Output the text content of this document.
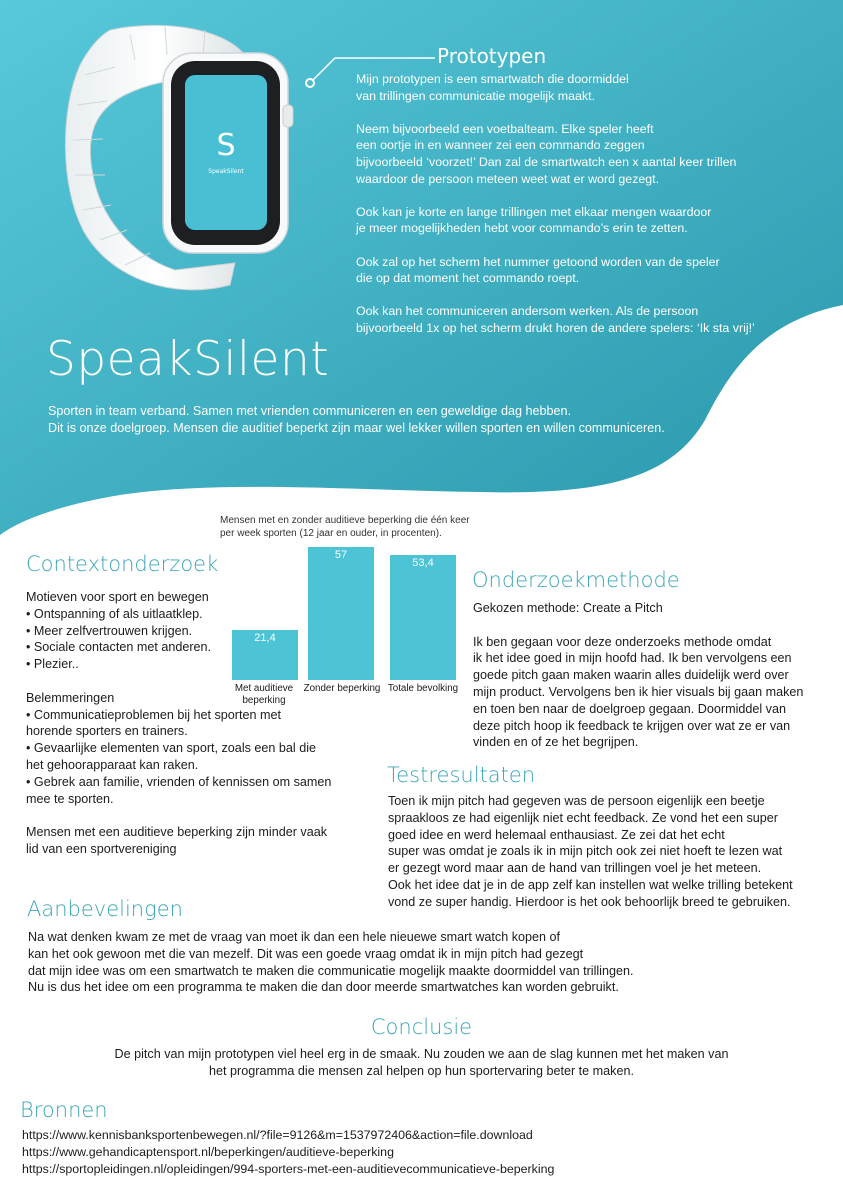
S
SpeakSilent
Prototypen

Mijn prototypen is een smartwatch die doormiddel
van trillingen communicatie mogelijk maakt.

Neem bijvoorbeeld een voetbalteam. Elke speler heeft
een oortje in en wanneer zei een commando zeggen
bijvoorbeeld ‘voorzet!’ Dan zal de smartwatch een x aantal keer trillen
waardoor de persoon meteen weet wat er word gezegt.

Ook kan je korte en lange trillingen met elkaar mengen waardoor
je meer mogelijkheden hebt voor commando’s erin te zetten.

Ook zal op het scherm het nummer getoond worden van de speler
die op dat moment het commando roept.

Ook kan het communiceren andersom werken. Als de persoon
bijvoorbeeld 1x op het scherm drukt horen de andere spelers: ‘Ik sta vrij!’

SpeakSilent
Sporten in team verband. Samen met vrienden communiceren en een geweldige dag hebben.
Dit is onze doelgroep. Mensen die auditief beperkt zijn maar wel lekker willen sporten en willen communiceren.
Mensen met en zonder auditieve beperking die één keer
per week sporten (12 jaar en ouder, in procenten).
21,4
57
53,4
Met auditieve
beperking
Zonder beperking Totale bevolking
Contextonderzoek
Motieven voor sport en bewegen
• Ontspanning of als uitlaatklep.
• Meer zelfvertrouwen krijgen.
• Sociale contacten met anderen.
• Plezier..
Belemmeringen
• Communicatieproblemen bij het sporten met
horende sporters en trainers.
• Gevaarlijke elementen van sport, zoals een bal die
het gehoorapparaat kan raken.
• Gebrek aan familie, vrienden of kennissen om samen
mee te sporten.
Mensen met een auditieve beperking zijn minder vaak
lid van een sportvereniging
Onderzoekmethode
Gekozen methode: Create a Pitch
Ik ben gegaan voor deze onderzoeks methode omdat
ik het idee goed in mijn hoofd had. Ik ben vervolgens een
goede pitch gaan maken waarin alles duidelijk werd over
mijn product. Vervolgens ben ik hier visuals bij gaan maken
en toen ben naar de doelgroep gegaan. Doormiddel van
deze pitch hoop ik feedback te krijgen over wat ze er van
vinden en of ze het begrijpen.
Testresultaten
Toen ik mijn pitch had gegeven was de persoon eigenlijk een beetje
spraakloos ze had eigenlijk niet echt feedback. Ze vond het een super
goed idee en werd helemaal enthausiast. Ze zei dat het echt
super was omdat je zoals ik in mijn pitch ook zei niet hoeft te lezen wat
er gezegt word maar aan de hand van trillingen voel je het meteen.
Ook het idee dat je in de app zelf kan instellen wat welke trilling betekent
vond ze super handig. Hierdoor is het ook behoorlijk breed te gebruiken.
Aanbevelingen
Na wat denken kwam ze met de vraag van moet ik dan een hele nieuewe smart watch kopen of
kan het ook gewoon met die van mezelf. Dit was een goede vraag omdat ik in mijn pitch had gezegt
dat mijn idee was om een smartwatch te maken die communicatie mogelijk maakte doormiddel van trillingen.
Nu is dus het idee om een programma te maken die dan door meerde smartwatches kan worden gebruikt.
Conclusie
De pitch van mijn prototypen viel heel erg in de smaak. Nu zouden we aan de slag kunnen met het maken van
het programma die mensen zal helpen op hun sportervaring beter te maken.
Bronnen
https://www.kennisbanksportenbewegen.nl/?file=9126&m=1537972406&action=file.download
https://www.gehandicaptensport.nl/beperkingen/auditieve-beperking
https://sportopleidingen.nl/opleidingen/994-sporters-met-een-auditievecommunicatieve-beperking
